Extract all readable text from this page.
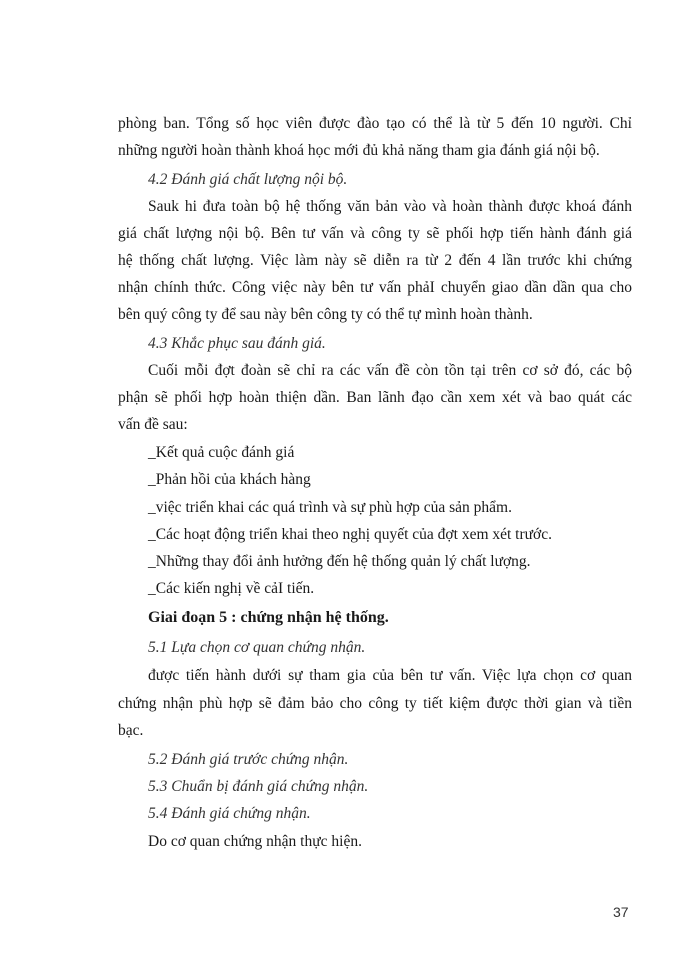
phòng ban. Tổng số học viên được đào tạo có thể là từ 5 đến 10 người. Chỉ
những người hoàn thành khoá học mới đủ khả năng tham gia đánh giá nội bộ.
4.2 Đánh giá chất lượng nội bộ.
Sauk hi đưa toàn bộ hệ thống văn bản vào và hoàn thành được khoá đánh
giá chất lượng nội bộ. Bên tư vấn và công ty sẽ phối hợp tiến hành đánh giá
hệ thống chất lượng. Việc làm này sẽ diễn ra từ 2 đến 4 lần trước khi chứng
nhận chính thức. Công việc này bên tư vấn phảI chuyển giao dần dần qua cho
bên quý công ty để sau này bên công ty có thể tự mình hoàn thành.
4.3 Khắc phục sau đánh giá.
Cuối mỗi đợt đoàn sẽ chỉ ra các vấn đề còn tồn tại trên cơ sở đó, các bộ
phận sẽ phối hợp hoàn thiện dần. Ban lãnh đạo cần xem xét và bao quát các
vấn đề sau:
_Kết quả cuộc đánh giá
_Phản hồi của khách hàng
_việc triển khai các quá trình và sự phù hợp của sản phẩm.
_Các hoạt động triển khai theo nghị quyết của đợt xem xét trước.
_Những thay đổi ảnh hưởng đến hệ thống quản lý chất lượng.
_Các kiến nghị về cảI tiến.
Giai đoạn 5 : chứng nhận hệ thống.
5.1 Lựa chọn cơ quan chứng nhận.
được tiến hành dưới sự tham gia của bên tư vấn. Việc lựa chọn cơ quan
chứng nhận phù hợp sẽ đảm bảo cho công ty tiết kiệm được thời gian và tiền
bạc.
5.2 Đánh giá trước chứng nhận.
5.3 Chuẩn bị đánh giá chứng nhận.
5.4 Đánh giá chứng nhận.
Do cơ quan chứng nhận thực hiện.
37
